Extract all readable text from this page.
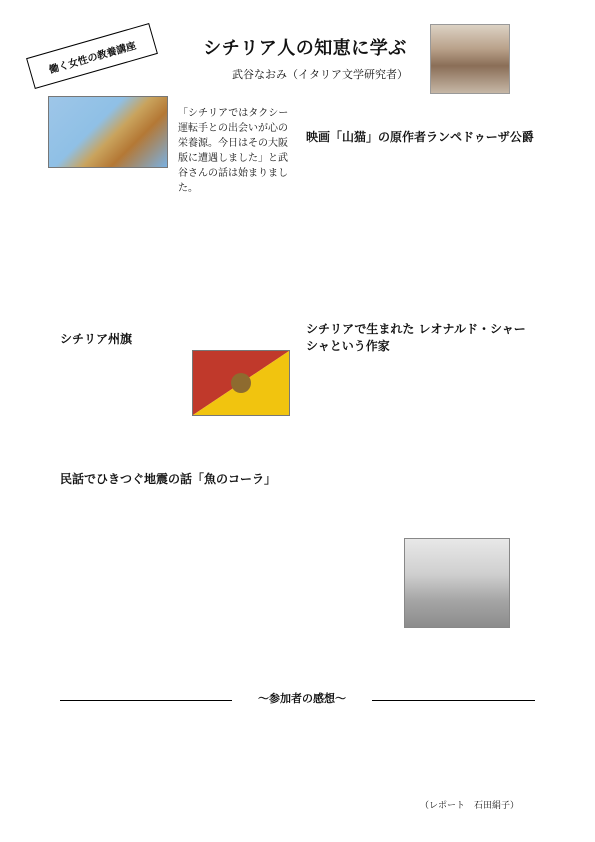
働く女性の教養講座	シチリア人の知恵に学ぶ
武谷なおみ（イタリア文学研究者）
「シチリアではタクシー運転手との出会いが心の栄養源。今日はその大阪版に遭遇しました」と武谷さんの話は始まりました。
シチリア州旗
民話でひきつぐ地震の話「魚のコーラ」
映画「山猫」の原作者ランペドゥーザ公爵
シチリアで生まれた レオナルド・シャーシャという作家
～参加者の感想～
（レポート　石田絹子）
